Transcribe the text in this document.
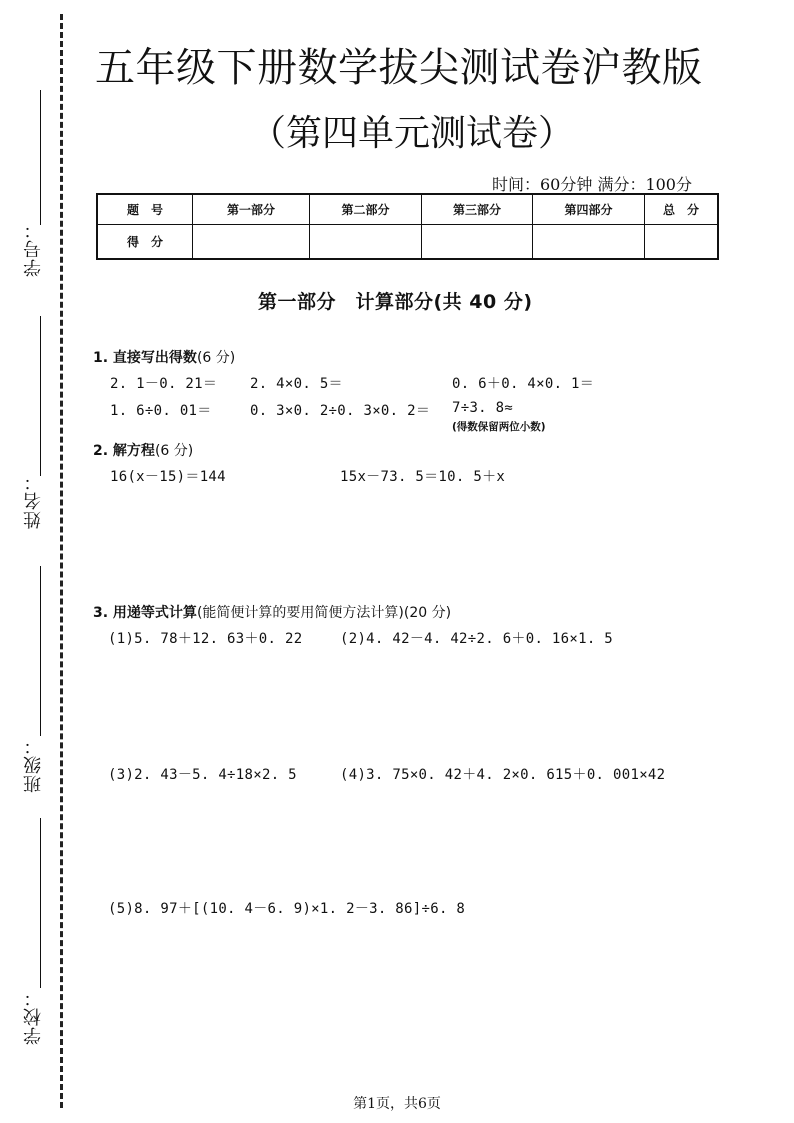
学号：
姓名：
班级：
学校：
五年级下册数学拔尖测试卷沪教版
（第四单元测试卷）
时间：60分钟 满分：100分
题　号	第一部分	第二部分	第三部分	第四部分	总　分
得　分					
第一部分　计算部分(共 40 分)
1. 直接写出得数(6 分)
2. 1－0. 21＝ 2. 4×0. 5＝	0. 6＋0. 4×0. 1＝
1. 6÷0. 01＝	0. 3×0. 2÷0. 3×0. 2＝ 7÷3. 8≈
(得数保留两位小数)
2. 解方程(6 分)
16(x－15)＝144	15x－73. 5＝10. 5＋x
3. 用递等式计算(能简便计算的要用简便方法计算)(20 分)
(1)5. 78＋12. 63＋0. 22	(2)4. 42－4. 42÷2. 6＋0. 16×1. 5
(3)2. 43－5. 4÷18×2. 5	(4)3. 75×0. 42＋4. 2×0. 615＋0. 001×42
(5)8. 97＋[(10. 4－6. 9)×1. 2－3. 86]÷6. 8
第1页，共6页
